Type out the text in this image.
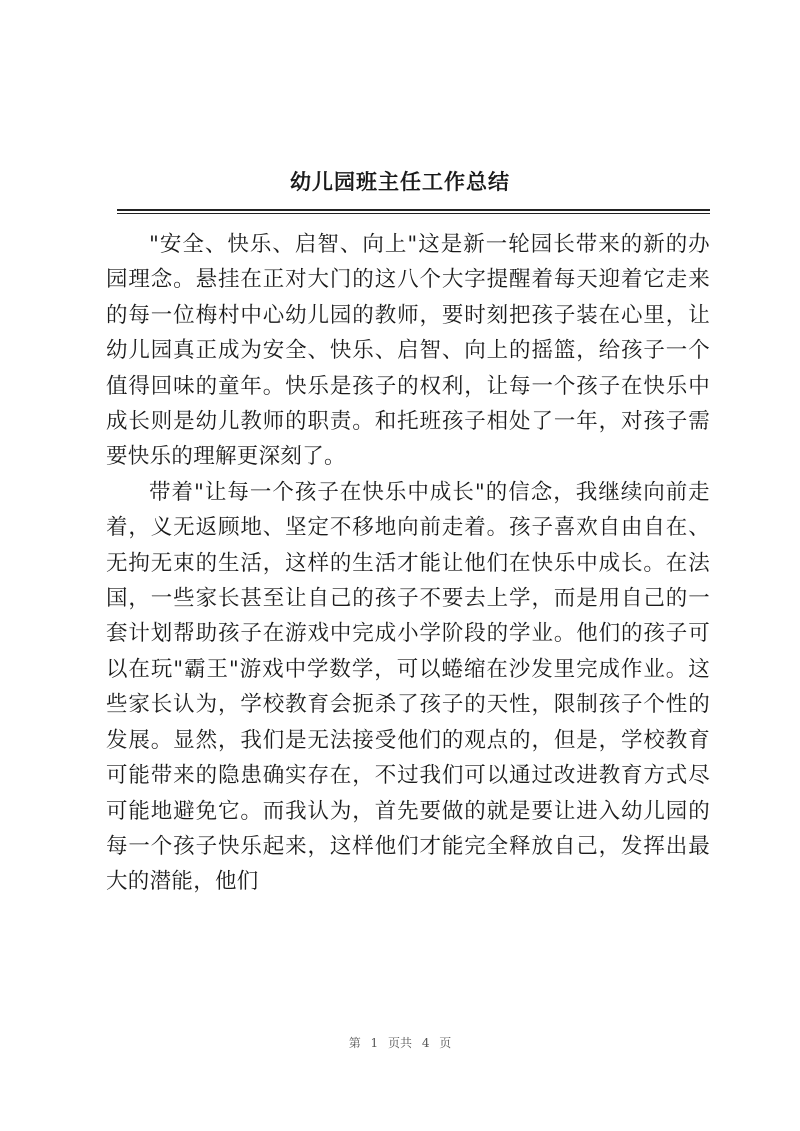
幼儿园班主任工作总结

"安全、快乐、启智、向上"这是新一轮园长带来的新的办园理念。悬挂在正对大门的这八个大字提醒着每天迎着它走来的每一位梅村中心幼儿园的教师，要时刻把孩子装在心里，让幼儿园真正成为安全、快乐、启智、向上的摇篮，给孩子一个值得回味的童年。快乐是孩子的权利，让每一个孩子在快乐中成长则是幼儿教师的职责。和托班孩子相处了一年，对孩子需要快乐的理解更深刻了。

带着"让每一个孩子在快乐中成长"的信念，我继续向前走着，义无返顾地、坚定不移地向前走着。孩子喜欢自由自在、无拘无束的生活，这样的生活才能让他们在快乐中成长。在法国，一些家长甚至让自己的孩子不要去上学，而是用自己的一套计划帮助孩子在游戏中完成小学阶段的学业。他们的孩子可以在玩"霸王"游戏中学数学，可以蜷缩在沙发里完成作业。这些家长认为，学校教育会扼杀了孩子的天性，限制孩子个性的发展。显然，我们是无法接受他们的观点的，但是，学校教育可能带来的隐患确实存在，不过我们可以通过改进教育方式尽可能地避免它。而我认为，首先要做的就是要让进入幼儿园的每一个孩子快乐起来，这样他们才能完全释放自己，发挥出最大的潜能，他们

第 1 页共 4 页
